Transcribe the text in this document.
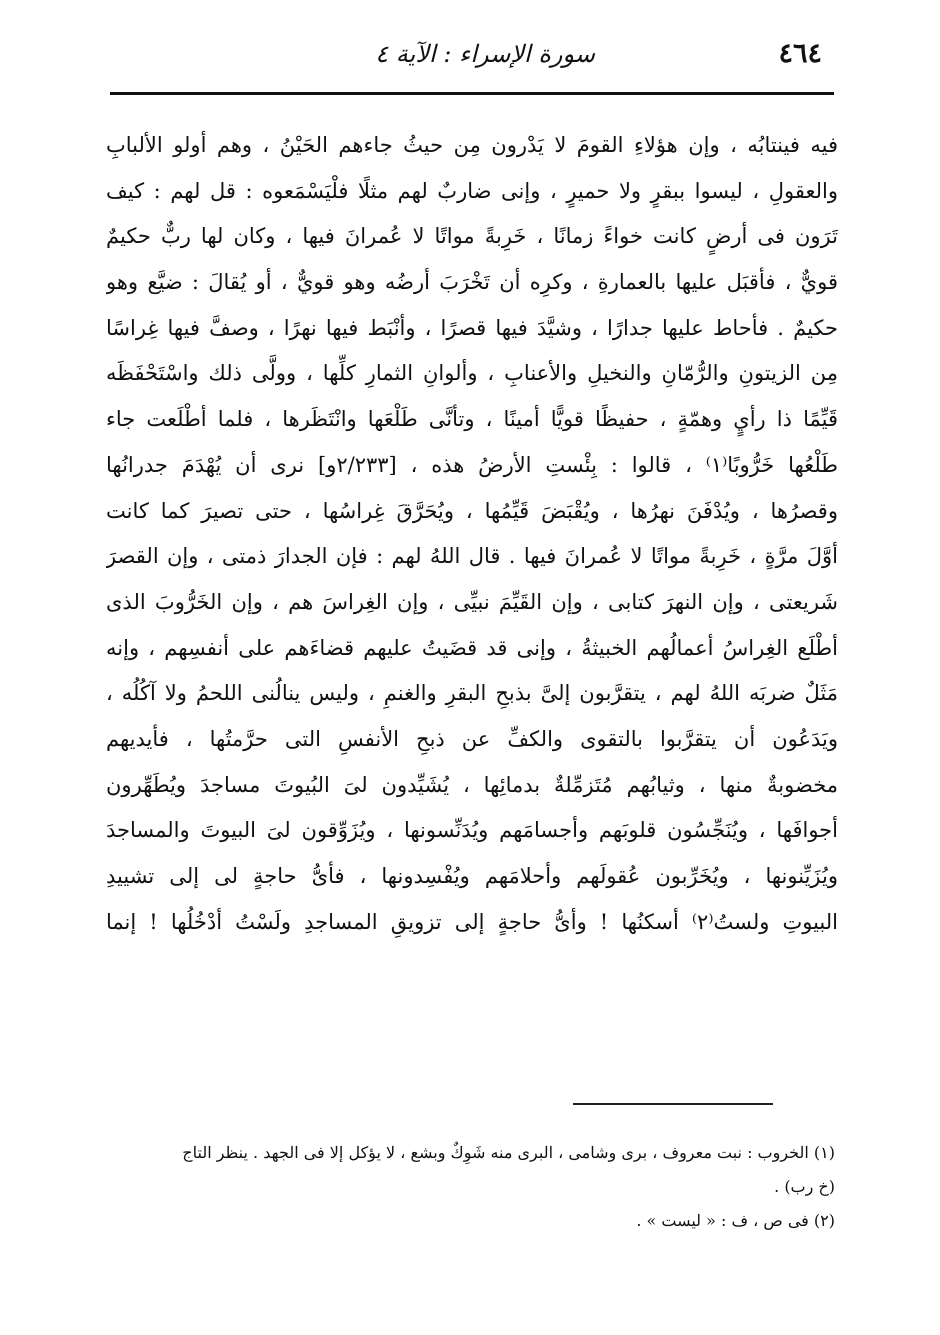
٤٦٤
سورة الإسراء : الآية ٤
فيه فينتابُه ، وإن هؤلاءِ القومَ لا يَدْرون مِن حيثُ جاءهم الحَيْنُ ، وهم أولو الألبابِ
والعقولِ ، ليسوا ببقرٍ ولا حميرٍ ، وإنى ضاربٌ لهم مثلًا فلْيَسْمَعوه : قل لهم : كيف
تَرَون فى أرضٍ كانت خواءً زمانًا ، خَرِبةً مواتًا لا عُمرانَ فيها ، وكان لها ربٌّ حكيمٌ
قويٌّ ، فأقبَل عليها بالعمارةِ ، وكرِه أن تَخْرَبَ أرضُه وهو قويٌّ ، أو يُقالَ : ضيَّع وهو
حكيمٌ . فأحاط عليها جدارًا ، وشيَّدَ فيها قصرًا ، وأنْبَط فيها نهرًا ، وصفَّ فيها غِراسًا
مِن الزيتونِ والرُّمّانِ والنخيلِ والأعنابِ ، وألوانِ الثمارِ كلِّها ، وولَّى ذلك واسْتَحْفَظَه
قَيِّمًا ذا رأيٍ وهمّةٍ ، حفيظًا قويًّا أمينًا ، وتأنَّى طَلْعَها وانْتَظَرها ، فلما أطْلَعت جاء
طَلْعُها خَرُّوبًا⁽١⁾ ، قالوا : بِئْستِ الأرضُ هذه ، [٢/٢٣٣و] نرى أن يُهْدَمَ جدرانُها
وقصرُها ، ويُدْفَنَ نهرُها ، ويُقْبَضَ قَيِّمُها ، ويُحَرَّقَ غِراسُها ، حتى تصيرَ كما كانت
أوَّلَ مرَّةٍ ، خَرِبةً مواتًا لا عُمرانَ فيها . قال اللهُ لهم : فإن الجدارَ ذمتى ، وإن القصرَ
شَريعتى ، وإن النهرَ كتابى ، وإن القَيِّمَ نبيِّى ، وإن الغِراسَ هم ، وإن الخَرُّوبَ الذى
أطْلَع الغِراسُ أعمالُهم الخبيثةُ ، وإنى قد قضَيتُ عليهم قضاءَهم على أنفسِهم ، وإنه
مَثَلٌ ضربَه اللهُ لهم ، يتقرَّبون إلىَّ بذبحِ البقرِ والغنمِ ، وليس ينالُنى اللحمُ ولا آكُلُه ،
ويَدَعُون أن يتقرَّبوا بالتقوى والكفِّ عن ذبحِ الأنفسِ التى حرَّمتُها ، فأيديهم
مخضوبةٌ منها ، وثيابُهم مُتَزمِّلةٌ بدمائِها ، يُشَيِّدون لىَ البُيوتَ مساجدَ ويُطَهِّرون
أجوافَها ، ويُنَجِّسُون قلوبَهم وأجسامَهم ويُدَنِّسونها ، ويُزَوِّقون لىَ البيوتَ والمساجدَ
ويُزَيِّنونها ، ويُخَرِّبون عُقولَهم وأحلامَهم ويُفْسِدونها ، فأىُّ حاجةٍ لى إلى تشييدِ
البيوتِ ولستُ⁽٢⁾ أسكنُها ! وأىُّ حاجةٍ إلى تزويقِ المساجدِ ولَسْتُ أدْخُلُها ! إنما
(١) الخروب : نبت معروف ، برى وشامى ، البرى منه شَوِكٌ وبشع ، لا يؤكل إلا فى الجهد . ينظر التاج
(خ رب) .
(٢) فى ص ، ف : « ليست » .
